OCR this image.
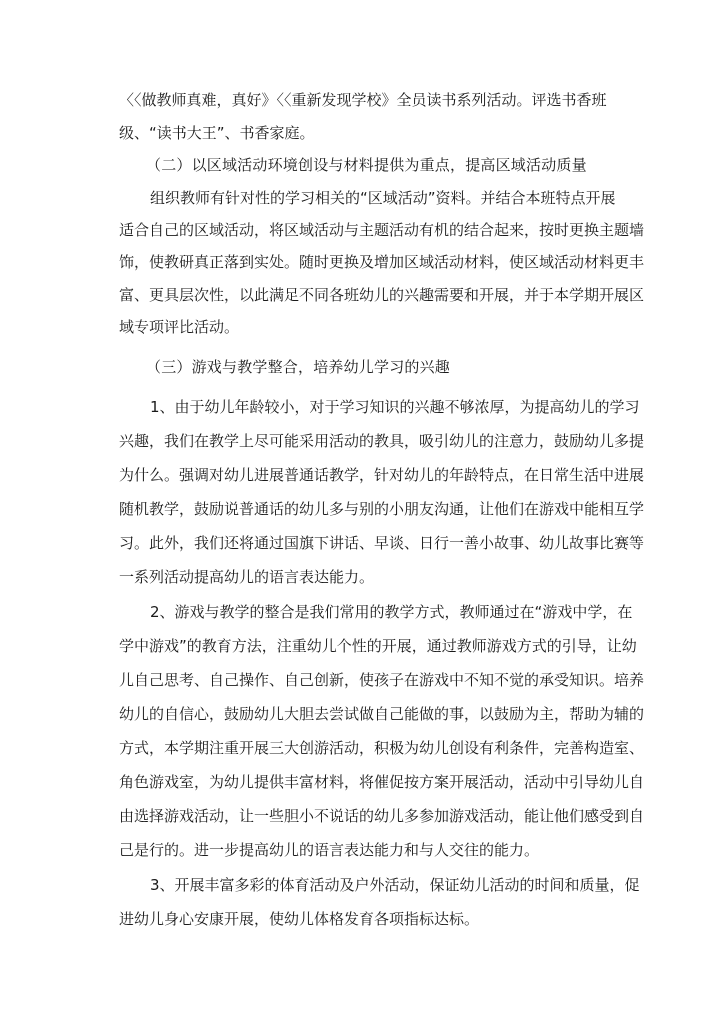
〈〈做教师真难，真好》〈〈重新发现学校》全员读书系列活动。评选书香班
级、“读书大王”、书香家庭。
（二）以区域活动环境创设与材料提供为重点，提高区域活动质量
组织教师有针对性的学习相关的“区域活动”资料。并结合本班特点开展
适合自己的区域活动，将区域活动与主题活动有机的结合起来，按时更换主题墙
饰，使教研真正落到实处。随时更换及增加区域活动材料，使区域活动材料更丰
富、更具层次性，以此满足不同各班幼儿的兴趣需要和开展，并于本学期开展区
域专项评比活动。
（三）游戏与教学整合，培养幼儿学习的兴趣
1、由于幼儿年龄较小，对于学习知识的兴趣不够浓厚，为提高幼儿的学习
兴趣，我们在教学上尽可能采用活动的教具，吸引幼儿的注意力，鼓励幼儿多提
为什么。强调对幼儿进展普通话教学，针对幼儿的年龄特点，在日常生活中进展
随机教学，鼓励说普通话的幼儿多与别的小朋友沟通，让他们在游戏中能相互学
习。此外，我们还将通过国旗下讲话、早谈、日行一善小故事、幼儿故事比赛等
一系列活动提高幼儿的语言表达能力。
2、游戏与教学的整合是我们常用的教学方式，教师通过在“游戏中学，在
学中游戏”的教育方法，注重幼儿个性的开展，通过教师游戏方式的引导，让幼
儿自己思考、自己操作、自己创新，使孩子在游戏中不知不觉的承受知识。培养
幼儿的自信心，鼓励幼儿大胆去尝试做自己能做的事，以鼓励为主，帮助为辅的
方式，本学期注重开展三大创游活动，积极为幼儿创设有利条件，完善构造室、
角色游戏室，为幼儿提供丰富材料，将催促按方案开展活动，活动中引导幼儿自
由选择游戏活动，让一些胆小不说话的幼儿多参加游戏活动，能让他们感受到自
己是行的。进一步提高幼儿的语言表达能力和与人交往的能力。
3、开展丰富多彩的体育活动及户外活动，保证幼儿活动的时间和质量，促
进幼儿身心安康开展，使幼儿体格发育各项指标达标。
